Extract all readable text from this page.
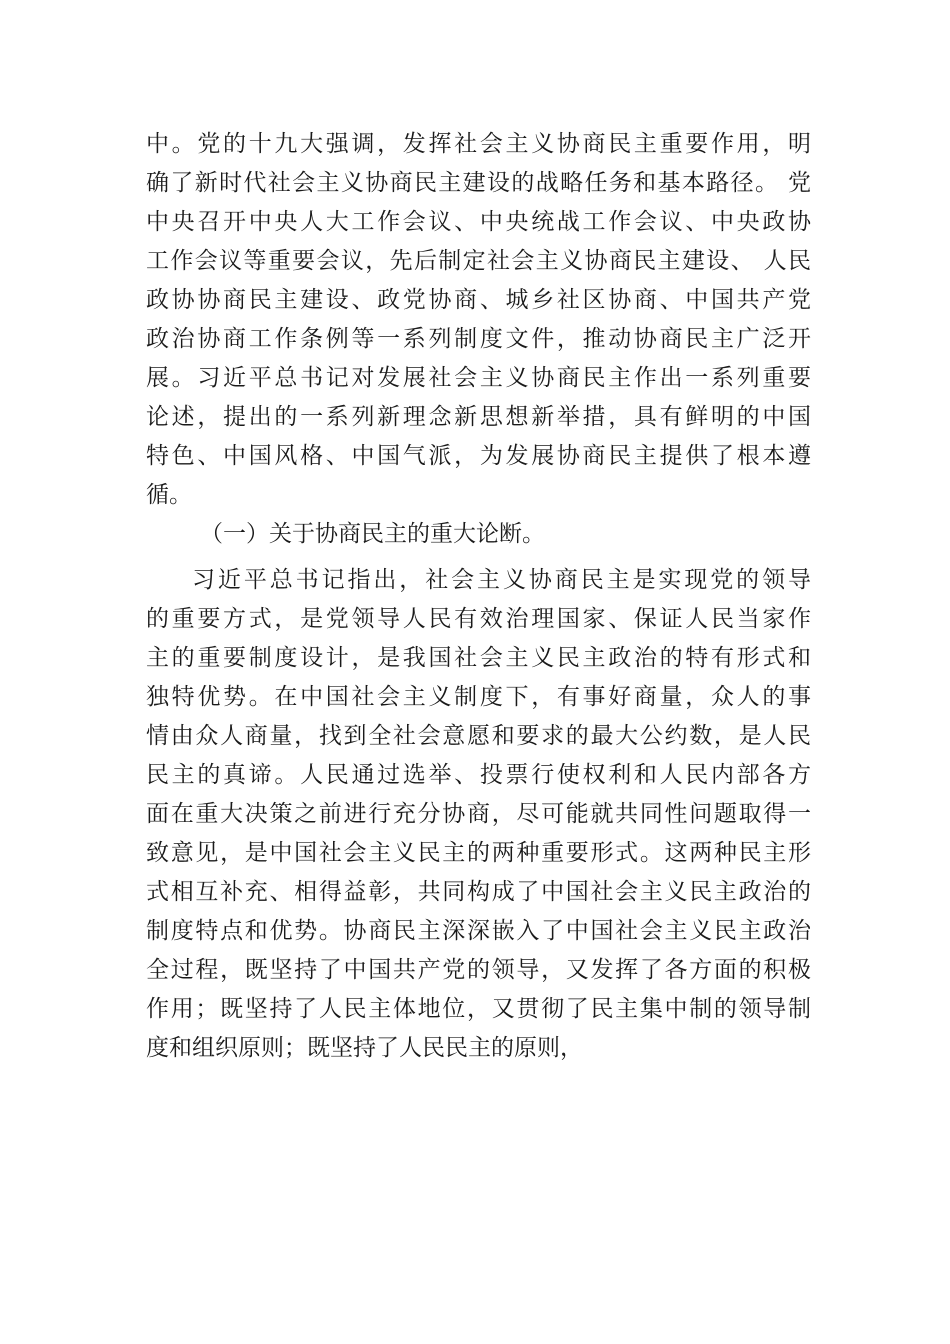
中。党的十九大强调，发挥社会主义协商民主重要作用，明
确了新时代社会主义协商民主建设的战略任务和基本路径。 党
中央召开中央人大工作会议、中央统战工作会议、中央政协
工作会议等重要会议，先后制定社会主义协商民主建设、 人民
政协协商民主建设、政党协商、城乡社区协商、中国共产党
政治协商工作条例等一系列制度文件，推动协商民主广泛开
展。习近平总书记对发展社会主义协商民主作出一系列重要
论述，提出的一系列新理念新思想新举措，具有鲜明的中国
特色、中国风格、中国气派，为发展协商民主提供了根本遵
循。
（一）关于协商民主的重大论断。
习近平总书记指出，社会主义协商民主是实现党的领导
的重要方式，是党领导人民有效治理国家、保证人民当家作
主的重要制度设计，是我国社会主义民主政治的特有形式和
独特优势。在中国社会主义制度下，有事好商量，众人的事
情由众人商量，找到全社会意愿和要求的最大公约数，是人民
民主的真谛。人民通过选举、投票行使权利和人民内部各方
面在重大决策之前进行充分协商，尽可能就共同性问题取得一
致意见，是中国社会主义民主的两种重要形式。这两种民主形
式相互补充、相得益彰，共同构成了中国社会主义民主政治的
制度特点和优势。协商民主深深嵌入了中国社会主义民主政治
全过程，既坚持了中国共产党的领导，又发挥了各方面的积极
作用；既坚持了人民主体地位，又贯彻了民主集中制的领导制
度和组织原则；既坚持了人民民主的原则，
